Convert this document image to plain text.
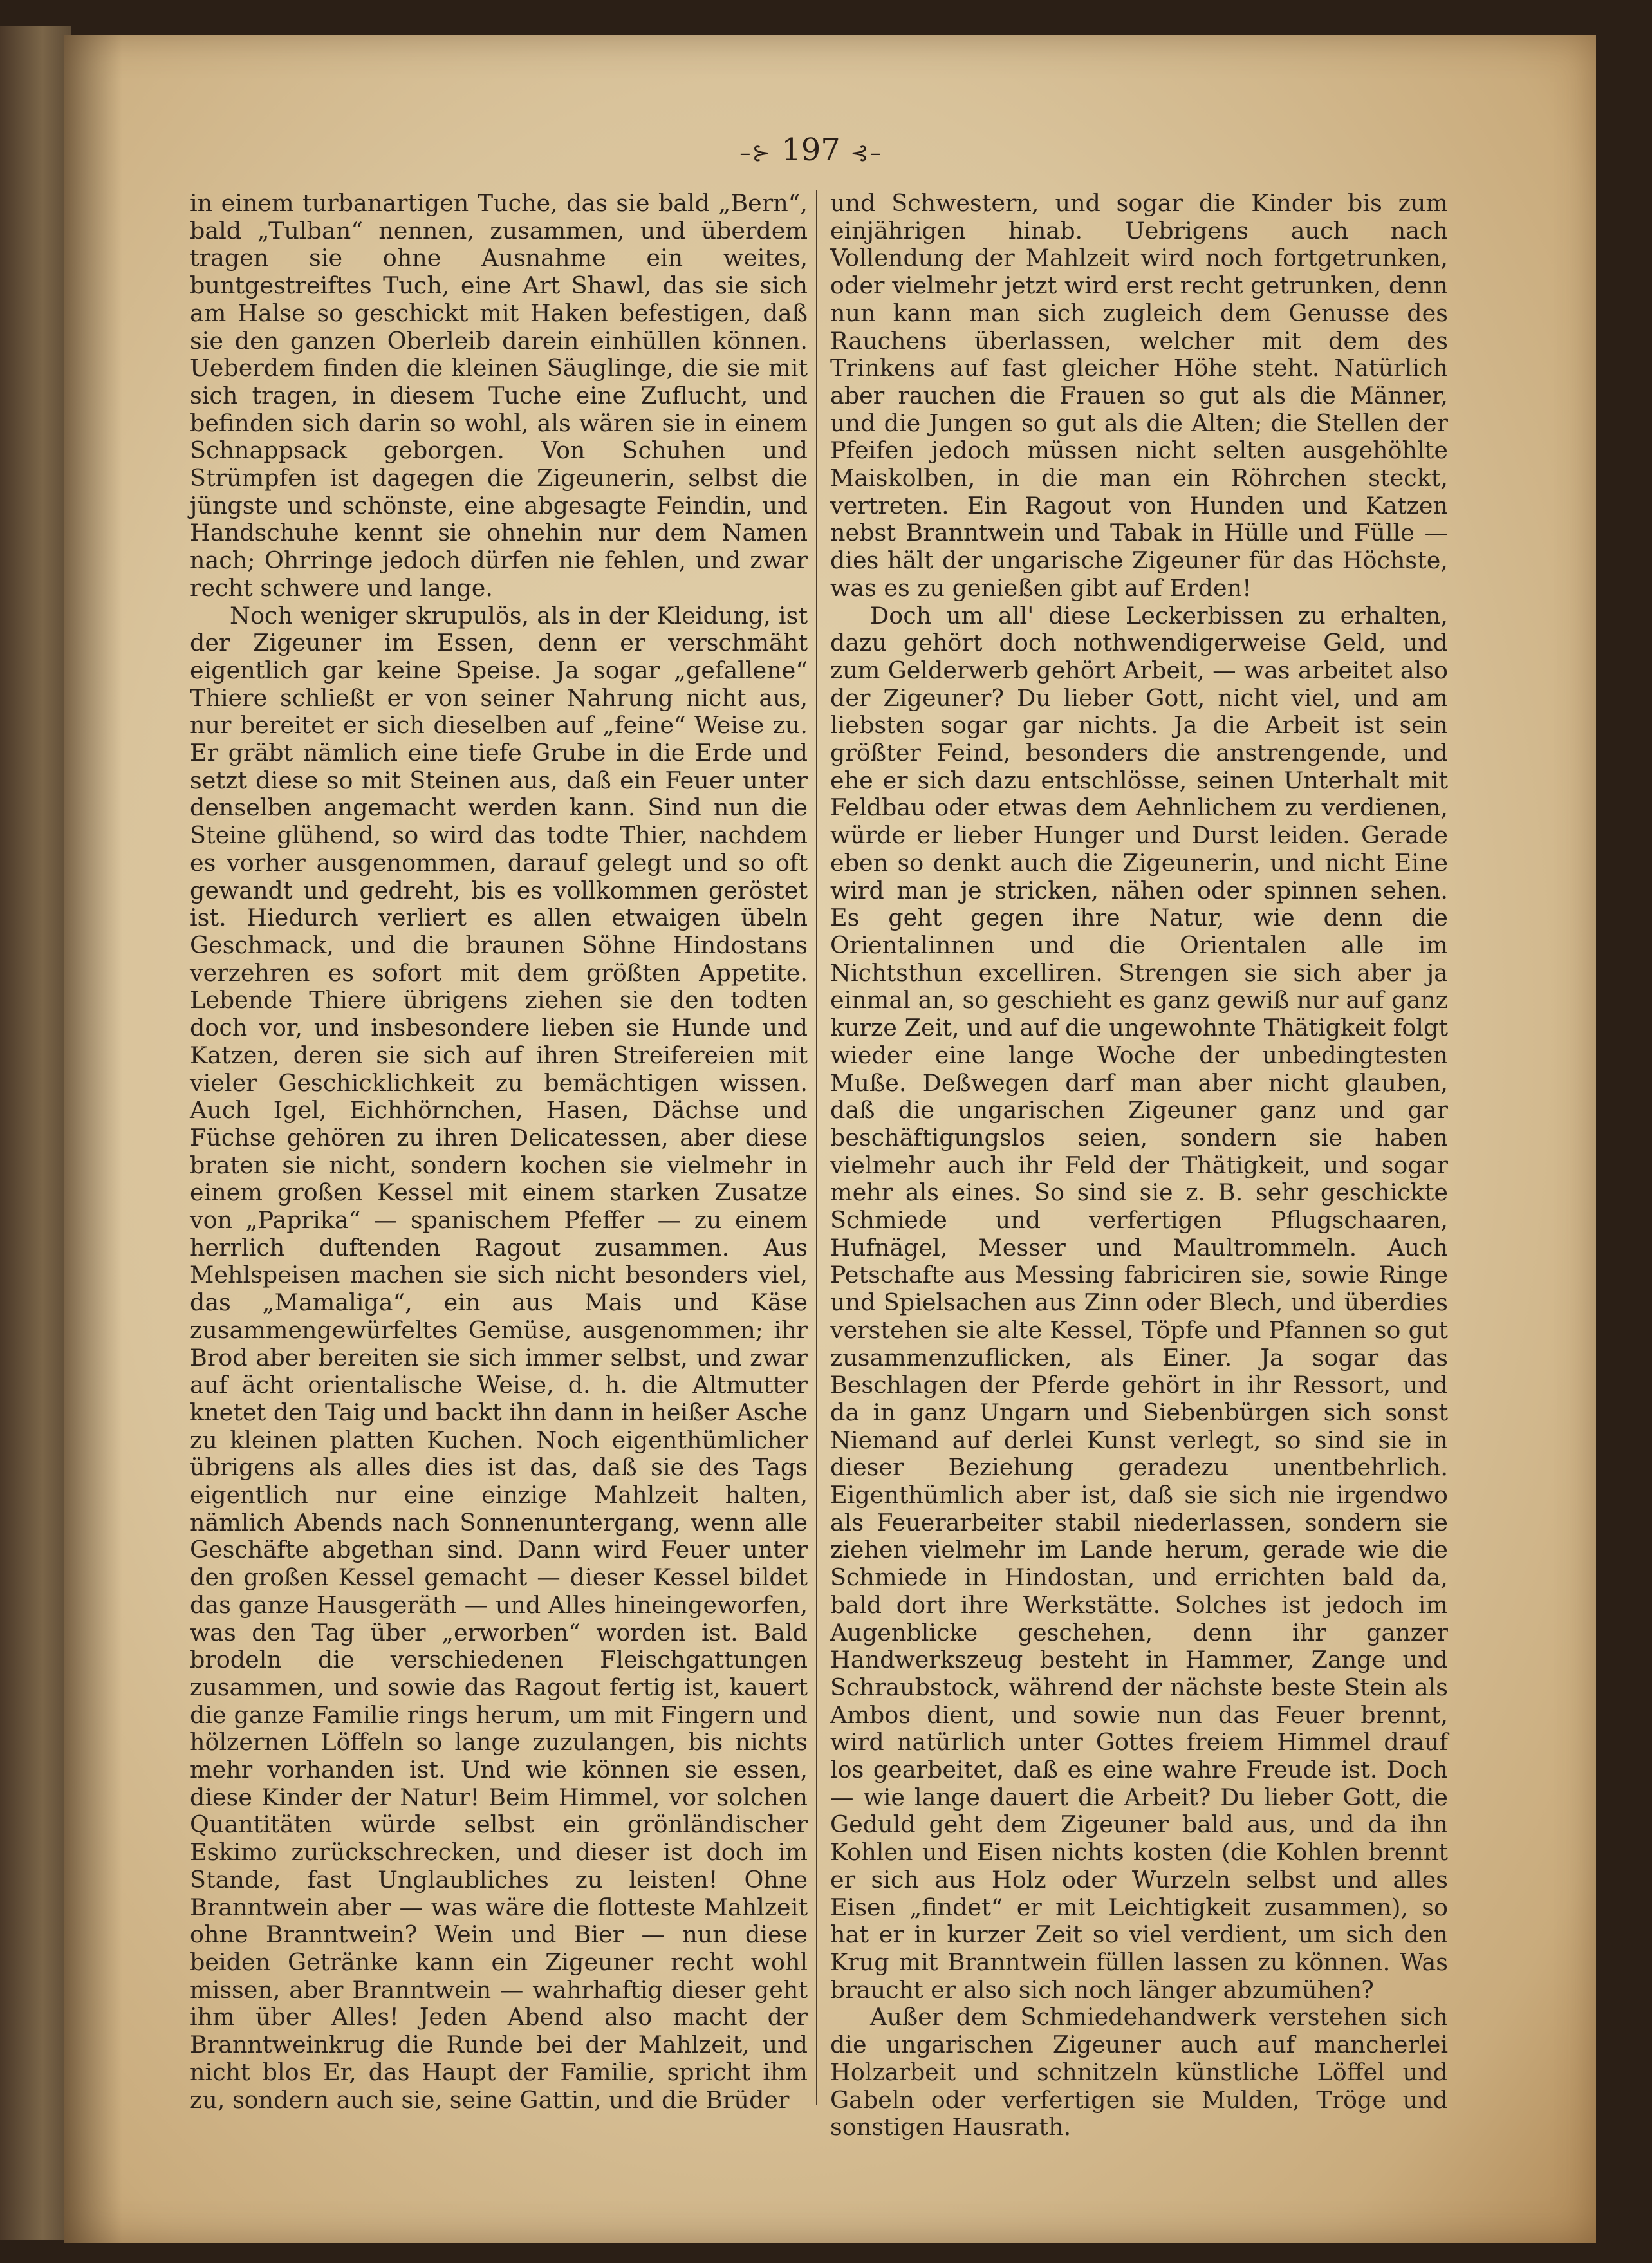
–⊱ 197 ⊰–

in einem turbanartigen Tuche, das sie bald „Bern“, bald „Tulban“ nennen, zusammen, und überdem tragen sie ohne Ausnahme ein weites, buntgestreiftes Tuch, eine Art Shawl, das sie sich am Halse so geschickt mit Haken befestigen, daß sie den ganzen Oberleib darein einhüllen können. Ueberdem finden die kleinen Säuglinge, die sie mit sich tragen, in diesem Tuche eine Zuflucht, und befinden sich darin so wohl, als wären sie in einem Schnappsack geborgen. Von Schuhen und Strümpfen ist dagegen die Zigeunerin, selbst die jüngste und schönste, eine abgesagte Feindin, und Handschuhe kennt sie ohnehin nur dem Namen nach; Ohrringe jedoch dürfen nie fehlen, und zwar recht schwere und lange.

Noch weniger skrupulös, als in der Kleidung, ist der Zigeuner im Essen, denn er verschmäht eigentlich gar keine Speise. Ja sogar „gefallene“ Thiere schließt er von seiner Nahrung nicht aus, nur bereitet er sich dieselben auf „feine“ Weise zu. Er gräbt nämlich eine tiefe Grube in die Erde und setzt diese so mit Steinen aus, daß ein Feuer unter denselben angemacht werden kann. Sind nun die Steine glühend, so wird das todte Thier, nachdem es vorher ausgenommen, darauf gelegt und so oft gewandt und gedreht, bis es vollkommen geröstet ist. Hiedurch verliert es allen etwaigen übeln Geschmack, und die braunen Söhne Hindostans verzehren es sofort mit dem größten Appetite. Lebende Thiere übrigens ziehen sie den todten doch vor, und insbesondere lieben sie Hunde und Katzen, deren sie sich auf ihren Streifereien mit vieler Geschicklichkeit zu bemächtigen wissen. Auch Igel, Eichhörnchen, Hasen, Dächse und Füchse gehören zu ihren Delicatessen, aber diese braten sie nicht, sondern kochen sie vielmehr in einem großen Kessel mit einem starken Zusatze von „Paprika“ — spanischem Pfeffer — zu einem herrlich duftenden Ragout zusammen. Aus Mehlspeisen machen sie sich nicht besonders viel, das „Mamaliga“, ein aus Mais und Käse zusammengewürfeltes Gemüse, ausgenommen; ihr Brod aber bereiten sie sich immer selbst, und zwar auf ächt orientalische Weise, d. h. die Altmutter knetet den Taig und backt ihn dann in heißer Asche zu kleinen platten Kuchen. Noch eigenthümlicher übrigens als alles dies ist das, daß sie des Tags eigentlich nur eine einzige Mahlzeit halten, nämlich Abends nach Sonnenuntergang, wenn alle Geschäfte abgethan sind. Dann wird Feuer unter den großen Kessel gemacht — dieser Kessel bildet das ganze Hausgeräth — und Alles hineingeworfen, was den Tag über „erworben“ worden ist. Bald brodeln die verschiedenen Fleischgattungen zusammen, und sowie das Ragout fertig ist, kauert die ganze Familie rings herum, um mit Fingern und hölzernen Löffeln so lange zuzulangen, bis nichts mehr vorhanden ist. Und wie können sie essen, diese Kinder der Natur! Beim Himmel, vor solchen Quantitäten würde selbst ein grönländischer Eskimo zurückschrecken, und dieser ist doch im Stande, fast Unglaubliches zu leisten! Ohne Branntwein aber — was wäre die flotteste Mahlzeit ohne Branntwein? Wein und Bier — nun diese beiden Getränke kann ein Zigeuner recht wohl missen, aber Branntwein — wahrhaftig dieser geht ihm über Alles! Jeden Abend also macht der Branntweinkrug die Runde bei der Mahlzeit, und nicht blos Er, das Haupt der Familie, spricht ihm zu, sondern auch sie, seine Gattin, und die Brüder

und Schwestern, und sogar die Kinder bis zum einjährigen hinab. Uebrigens auch nach Vollendung der Mahlzeit wird noch fortgetrunken, oder vielmehr jetzt wird erst recht getrunken, denn nun kann man sich zugleich dem Genusse des Rauchens überlassen, welcher mit dem des Trinkens auf fast gleicher Höhe steht. Natürlich aber rauchen die Frauen so gut als die Männer, und die Jungen so gut als die Alten; die Stellen der Pfeifen jedoch müssen nicht selten ausgehöhlte Maiskolben, in die man ein Röhrchen steckt, vertreten. Ein Ragout von Hunden und Katzen nebst Branntwein und Tabak in Hülle und Fülle — dies hält der ungarische Zigeuner für das Höchste, was es zu genießen gibt auf Erden!

Doch um all' diese Leckerbissen zu erhalten, dazu gehört doch nothwendigerweise Geld, und zum Gelderwerb gehört Arbeit, — was arbeitet also der Zigeuner? Du lieber Gott, nicht viel, und am liebsten sogar gar nichts. Ja die Arbeit ist sein größter Feind, besonders die anstrengende, und ehe er sich dazu entschlösse, seinen Unterhalt mit Feldbau oder etwas dem Aehnlichem zu verdienen, würde er lieber Hunger und Durst leiden. Gerade eben so denkt auch die Zigeunerin, und nicht Eine wird man je stricken, nähen oder spinnen sehen. Es geht gegen ihre Natur, wie denn die Orientalinnen und die Orientalen alle im Nichtsthun excelliren. Strengen sie sich aber ja einmal an, so geschieht es ganz gewiß nur auf ganz kurze Zeit, und auf die ungewohnte Thätigkeit folgt wieder eine lange Woche der unbedingtesten Muße. Deßwegen darf man aber nicht glauben, daß die ungarischen Zigeuner ganz und gar beschäftigungslos seien, sondern sie haben vielmehr auch ihr Feld der Thätigkeit, und sogar mehr als eines. So sind sie z. B. sehr geschickte Schmiede und verfertigen Pflugschaaren, Hufnägel, Messer und Maultrommeln. Auch Petschafte aus Messing fabriciren sie, sowie Ringe und Spielsachen aus Zinn oder Blech, und überdies verstehen sie alte Kessel, Töpfe und Pfannen so gut zusammenzuflicken, als Einer. Ja sogar das Beschlagen der Pferde gehört in ihr Ressort, und da in ganz Ungarn und Siebenbürgen sich sonst Niemand auf derlei Kunst verlegt, so sind sie in dieser Beziehung geradezu unentbehrlich. Eigenthümlich aber ist, daß sie sich nie irgendwo als Feuerarbeiter stabil niederlassen, sondern sie ziehen vielmehr im Lande herum, gerade wie die Schmiede in Hindostan, und errichten bald da, bald dort ihre Werkstätte. Solches ist jedoch im Augenblicke geschehen, denn ihr ganzer Handwerkszeug besteht in Hammer, Zange und Schraubstock, während der nächste beste Stein als Ambos dient, und sowie nun das Feuer brennt, wird natürlich unter Gottes freiem Himmel drauf los gearbeitet, daß es eine wahre Freude ist. Doch — wie lange dauert die Arbeit? Du lieber Gott, die Geduld geht dem Zigeuner bald aus, und da ihn Kohlen und Eisen nichts kosten (die Kohlen brennt er sich aus Holz oder Wurzeln selbst und alles Eisen „findet“ er mit Leichtigkeit zusammen), so hat er in kurzer Zeit so viel verdient, um sich den Krug mit Branntwein füllen lassen zu können. Was braucht er also sich noch länger abzumühen?

Außer dem Schmiedehandwerk verstehen sich die ungarischen Zigeuner auch auf mancherlei Holzarbeit und schnitzeln künstliche Löffel und Gabeln oder verfertigen sie Mulden, Tröge und sonstigen Hausrath.
